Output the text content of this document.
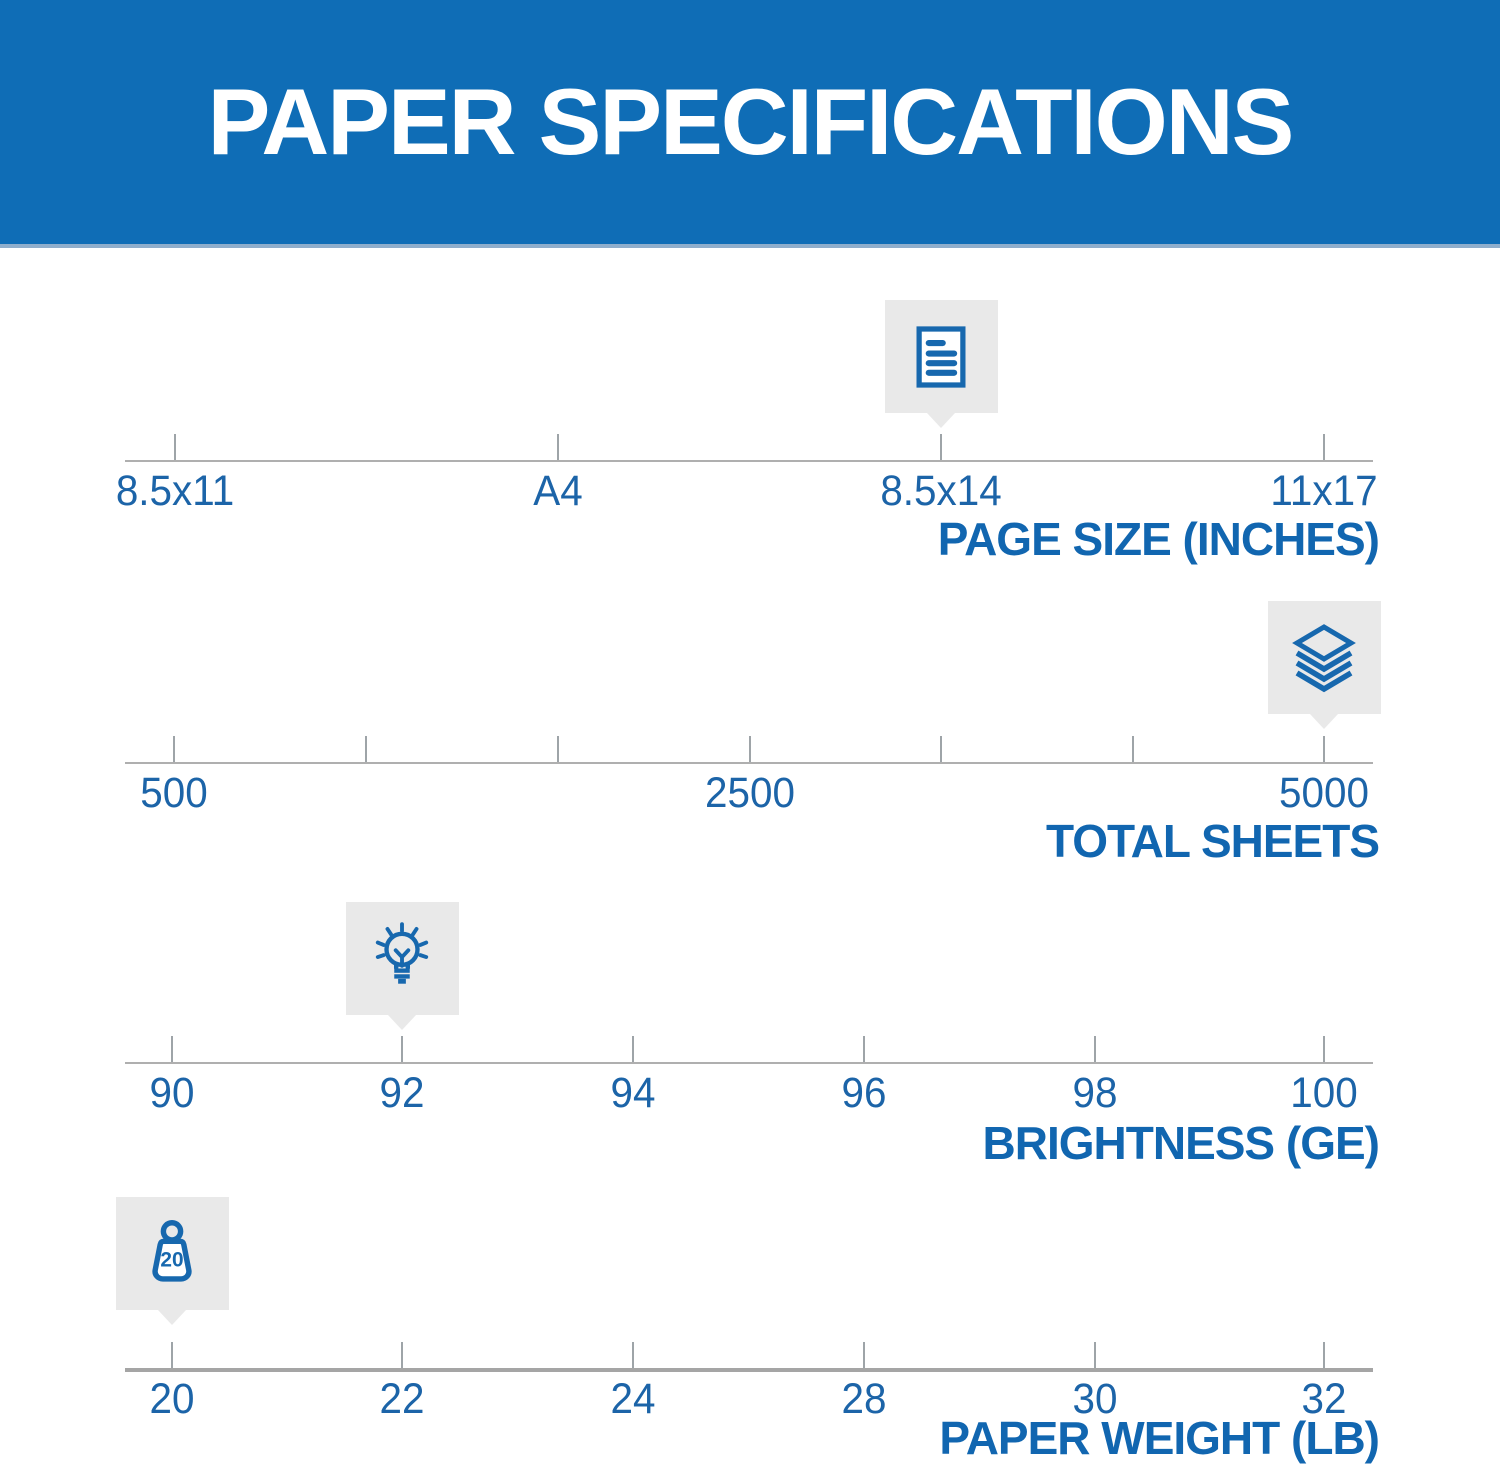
PAPER SPECIFICATIONS
8.5x11	A4	8.5x14	11x17
PAGE SIZE (INCHES)
500	2500	5000
TOTAL SHEETS
90	92	94	96	98	100
BRIGHTNESS (GE)
20
20	22	24	28	30	32
PAPER WEIGHT (LB)
